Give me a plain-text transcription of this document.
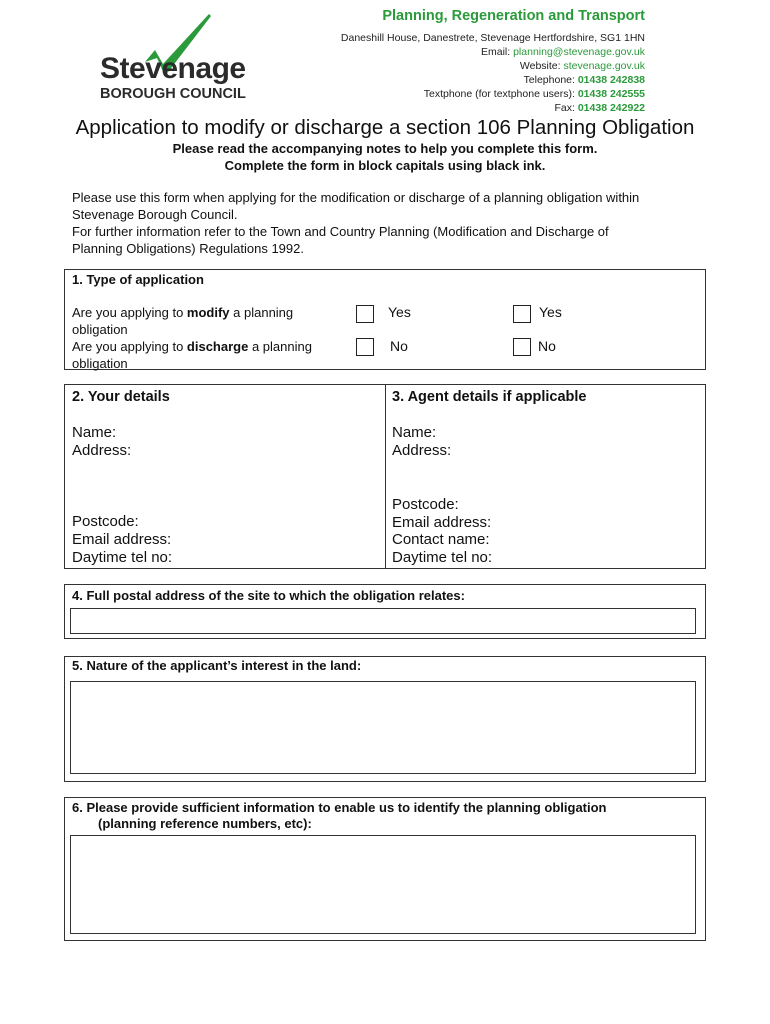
Stevenage
BOROUGH COUNCIL
Planning, Regeneration and Transport
Daneshill House, Danestrete, Stevenage Hertfordshire, SG1 1HN
Email: planning@stevenage.gov.uk
Website: stevenage.gov.uk
Telephone: 01438 242838
Textphone (for textphone users): 01438 242555
Fax: 01438 242922
Application to modify or discharge a section 106 Planning Obligation
Please read the accompanying notes to help you complete this form.
Complete the form in block capitals using black ink.
Please use this form when applying for the modification or discharge of a planning obligation within
Stevenage Borough Council.
For further information refer to the Town and Country Planning (Modification and Discharge of
Planning Obligations) Regulations 1992.
1. Type of application
Are you applying to modify a planning
obligation
Are you applying to discharge a planning
obligation
Yes	Yes
No	No
2. Your details
Name:
Address:
Postcode:
Email address:
Daytime tel no:
3. Agent details if applicable
Name:
Address:
Postcode:
Email address:
Contact name:
Daytime tel no:
4. Full postal address of the site to which the obligation relates:
5. Nature of the applicant’s interest in the land:
6. Please provide sufficient information to enable us to identify the planning obligation
(planning reference numbers, etc):
